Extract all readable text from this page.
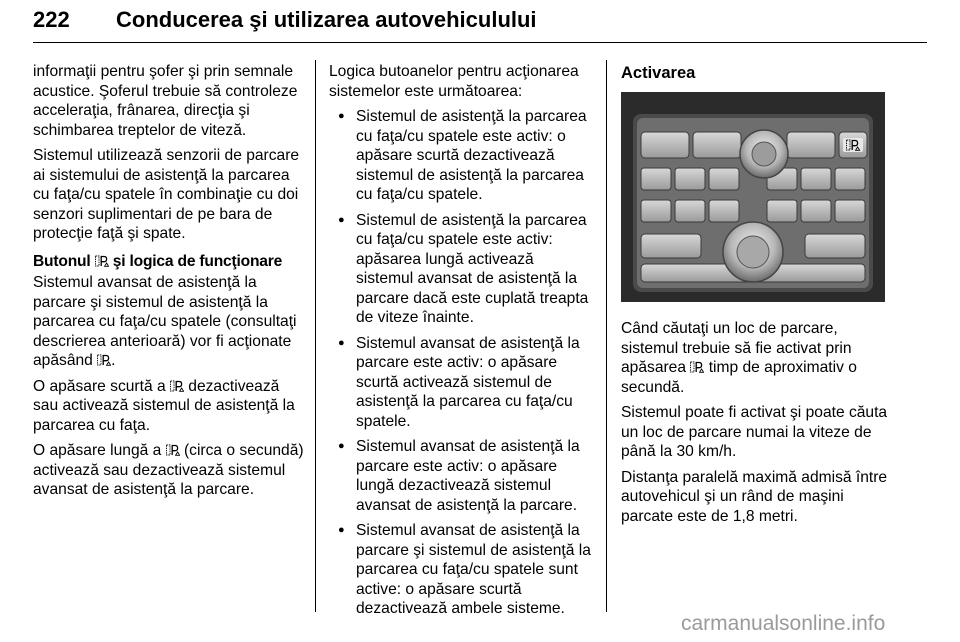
222 Conducerea şi utilizarea autovehiculului

informaţii pentru şofer şi prin semnale acustice. Şoferul trebuie să controleze acceleraţia, frânarea, direcţia şi schimbarea treptelor de viteză.

Sistemul utilizează senzorii de parcare ai sistemului de asistenţă la parcarea cu faţa/cu spatele în combinaţie cu doi senzori suplimentari de pe bara de protecţie faţă şi spate.

Butonul  şi logica de funcţionare

Sistemul avansat de asistenţă la parcare şi sistemul de asistenţă la parcarea cu faţa/cu spatele (consultaţi descrierea anterioară) vor fi acţionate apăsând .

O apăsare scurtă a  dezactivează sau activează sistemul de asistenţă la parcarea cu faţa.

O apăsare lungă a  (circa o secundă) activează sau dezactivează sistemul avansat de asistenţă la parcare.

Logica butoanelor pentru acţionarea sistemelor este următoarea:

● Sistemul de asistenţă la parcarea cu faţa/cu spatele este activ: o apăsare scurtă dezactivează sistemul de asistenţă la parcarea cu faţa/cu spatele.
● Sistemul de asistenţă la parcarea cu faţa/cu spatele este activ: apăsarea lungă activează sistemul avansat de asistenţă la parcare dacă este cuplată treapta de viteze înainte.
● Sistemul avansat de asistenţă la parcare este activ: o apăsare scurtă activează sistemul de asistenţă la parcarea cu faţa/cu spatele.
● Sistemul avansat de asistenţă la parcare este activ: o apăsare lungă dezactivează sistemul avansat de asistenţă la parcare.
● Sistemul avansat de asistenţă la parcare şi sistemul de asistenţă la parcarea cu faţa/cu spatele sunt active: o apăsare scurtă dezactivează ambele sisteme.
Activarea

Când căutaţi un loc de parcare, sistemul trebuie să fie activat prin apăsarea  timp de aproximativ o secundă.

Sistemul poate fi activat şi poate căuta un loc de parcare numai la viteze de până la 30 km/h.

Distanţa paralelă maximă admisă între autovehicul şi un rând de maşini parcate este de 1,8 metri.

carmanualsonline.info
